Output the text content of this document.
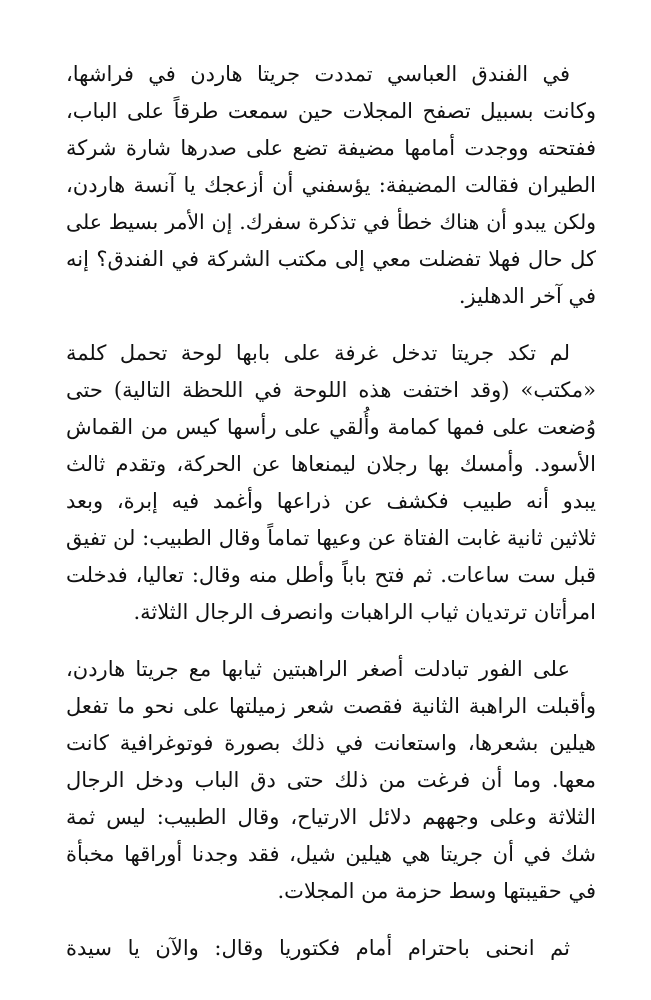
في الفندق العباسي تمددت جريتا هاردن في فراشها،
وكانت بسبيل تصفح المجلات حين سمعت طرقاً على الباب،
ففتحته ووجدت أمامها مضيفة تضع على صدرها شارة شركة
الطيران فقالت المضيفة: يؤسفني أن أزعجك يا آنسة هاردن،
ولكن يبدو أن هناك خطأ في تذكرة سفرك. إن الأمر بسيط على
كل حال فهلا تفضلت معي إلى مكتب الشركة في الفندق؟ إنه
في آخر الدهليز.
لم تكد جريتا تدخل غرفة على بابها لوحة تحمل كلمة
«مكتب» (وقد اختفت هذه اللوحة في اللحظة التالية) حتى
وُضعت على فمها كمامة وأُلقي على رأسها كيس من القماش
الأسود. وأمسك بها رجلان ليمنعاها عن الحركة، وتقدم ثالث
يبدو أنه طبيب فكشف عن ذراعها وأغمد فيه إبرة، وبعد
ثلاثين ثانية غابت الفتاة عن وعيها تماماً وقال الطبيب: لن تفيق
قبل ست ساعات. ثم فتح باباً وأطل منه وقال: تعاليا، فدخلت
امرأتان ترتديان ثياب الراهبات وانصرف الرجال الثلاثة.
على الفور تبادلت أصغر الراهبتين ثيابها مع جريتا هاردن،
وأقبلت الراهبة الثانية فقصت شعر زميلتها على نحو ما تفعل
هيلين بشعرها، واستعانت في ذلك بصورة فوتوغرافية كانت
معها. وما أن فرغت من ذلك حتى دق الباب ودخل الرجال
الثلاثة وعلى وجههم دلائل الارتياح، وقال الطبيب: ليس ثمة
شك في أن جريتا هي هيلين شيل، فقد وجدنا أوراقها مخبأة
في حقيبتها وسط حزمة من المجلات.
ثم انحنى باحترام أمام فكتوريا وقال: والآن يا سيدة
